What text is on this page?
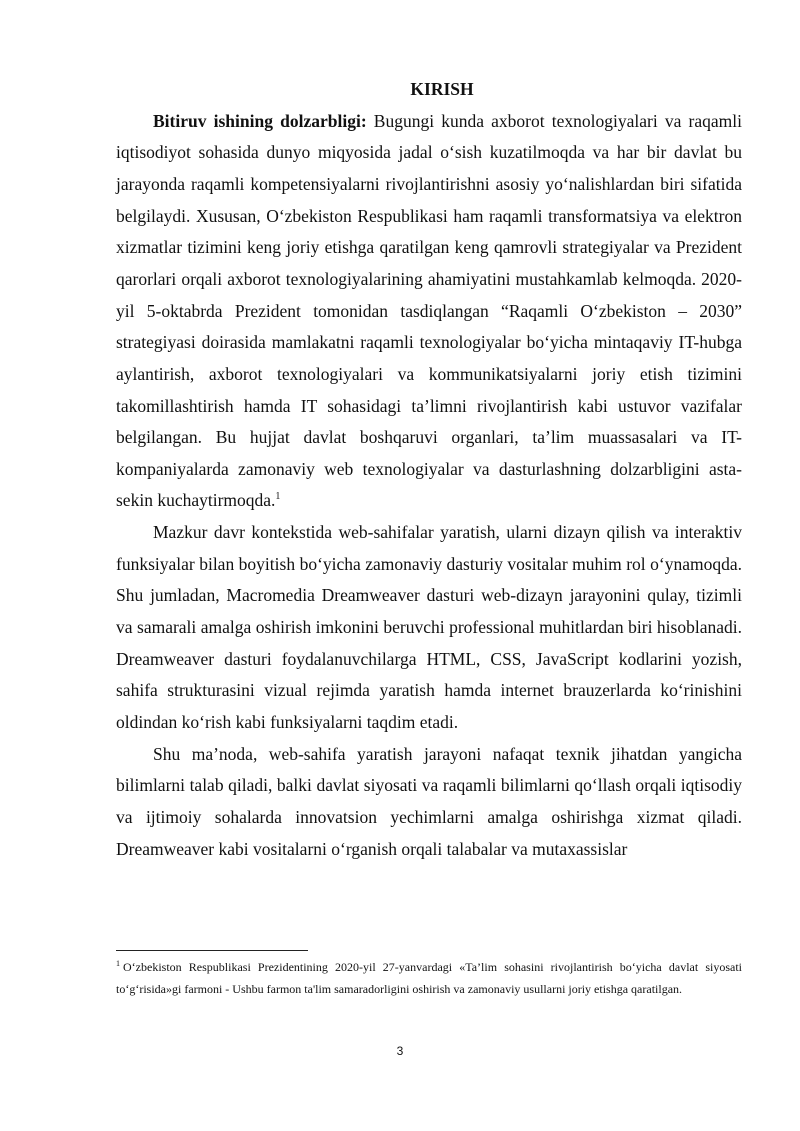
KIRISH

Bitiruv ishining dolzarbligi: Bugungi kunda axborot texnologiyalari va raqamli iqtisodiyot sohasida dunyo miqyosida jadal oʻsish kuzatilmoqda va har bir davlat bu jarayonda raqamli kompetensiyalarni rivojlantirishni asosiy yoʻnalishlardan biri sifatida belgilaydi. Xususan, Oʻzbekiston Respublikasi ham raqamli transformatsiya va elektron xizmatlar tizimini keng joriy etishga qaratilgan keng qamrovli strategiyalar va Prezident qarorlari orqali axborot texnologiyalarining ahamiyatini mustahkamlab kelmoqda. 2020-yil 5-oktabrda Prezident tomonidan tasdiqlangan “Raqamli Oʻzbekiston – 2030” strategiyasi doirasida mamlakatni raqamli texnologiyalar boʻyicha mintaqaviy IT-hubga aylantirish, axborot texnologiyalari va kommunikatsiyalarni joriy etish tizimini takomillashtirish hamda IT sohasidagi ta’limni rivojlantirish kabi ustuvor vazifalar belgilangan. Bu hujjat davlat boshqaruvi organlari, ta’lim muassasalari va IT-kompaniyalarda zamonaviy web texnologiyalar va dasturlashning dolzarbligini asta-sekin kuchaytirmoqda.$^1$

Mazkur davr kontekstida web-sahifalar yaratish, ularni dizayn qilish va interaktiv funksiyalar bilan boyitish boʻyicha zamonaviy dasturiy vositalar muhim rol oʻynamoqda. Shu jumladan, Macromedia Dreamweaver dasturi web-dizayn jarayonini qulay, tizimli va samarali amalga oshirish imkonini beruvchi professional muhitlardan biri hisoblanadi. Dreamweaver dasturi foydalanuvchilarga HTML, CSS, JavaScript kodlarini yozish, sahifa strukturasini vizual rejimda yaratish hamda internet brauzerlarda koʻrinishini oldindan koʻrish kabi funksiyalarni taqdim etadi.

Shu ma’noda, web-sahifa yaratish jarayoni nafaqat texnik jihatdan yangicha bilimlarni talab qiladi, balki davlat siyosati va raqamli bilimlarni qoʻllash orqali iqtisodiy va ijtimoiy sohalarda innovatsion yechimlarni amalga oshirishga xizmat qiladi. Dreamweaver kabi vositalarni oʻrganish orqali talabalar va mutaxassislar

$^1$ Oʻzbekiston Respublikasi Prezidentining 2020-yil 27-yanvardagi «Ta’lim sohasini rivojlantirish boʻyicha davlat siyosati toʻgʻrisida»gi farmoni - Ushbu farmon ta'lim samaradorligini oshirish va zamonaviy usullarni joriy etishga qaratilgan.

3
